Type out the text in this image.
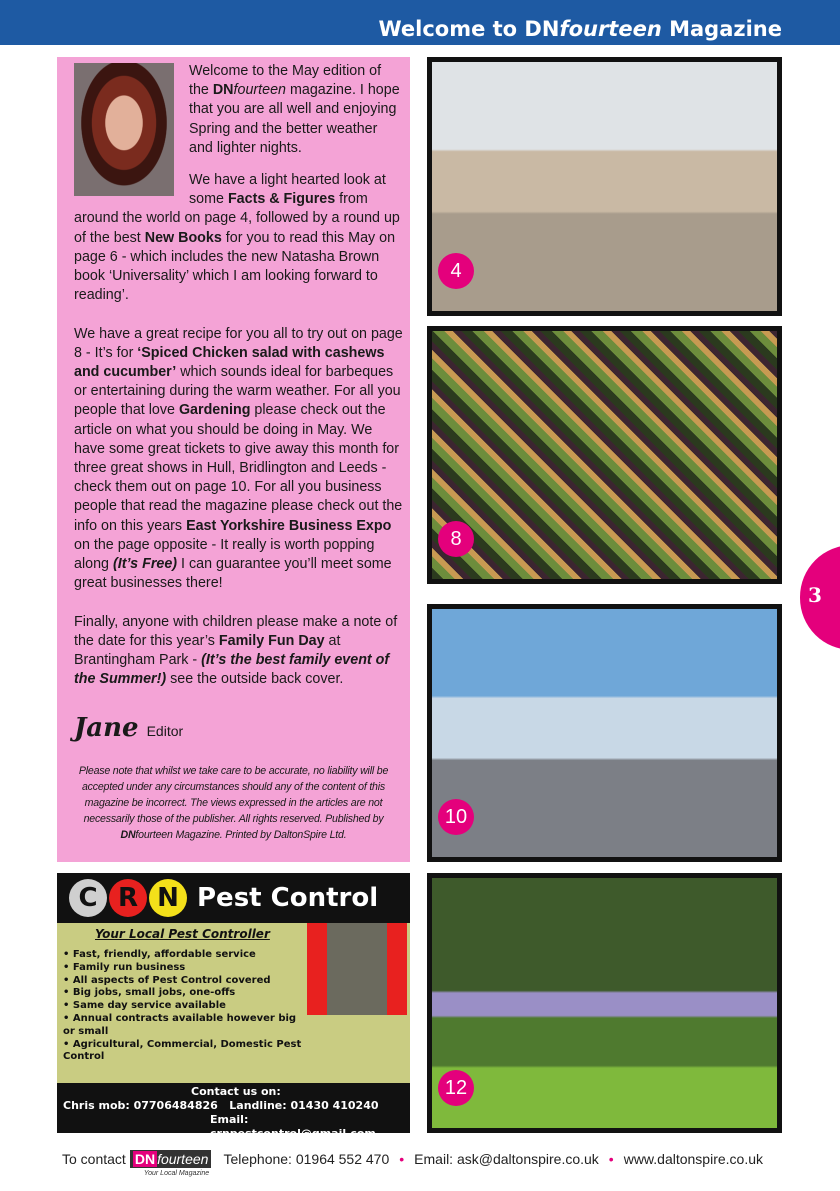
Welcome to DNfourteen Magazine
Welcome to the May edition of the DNfourteen magazine. I hope that you are all well and enjoying Spring and the better weather and lighter nights.
We have a light hearted look at some Facts & Figures from
around the world on page 4, followed by a round up of the best New Books for you to read this May on page 6 - which includes the new Natasha Brown book ‘Universality’ which I am looking forward to reading’.

We have a great recipe for you all to try out on page 8 - It’s for ‘Spiced Chicken salad with cashews and cucumber’ which sounds ideal for barbeques or entertaining during the warm weather. For all you people that love Gardening please check out the article on what you should be doing in May. We have some great tickets to give away this month for three great shows in Hull, Bridlington and Leeds - check them out on page 10. For all you business people that read the magazine please check out the info on this years East Yorkshire Business Expo on the page opposite - It really is worth popping along (It’s Free) I can guarantee you’ll meet some great businesses there!

Finally, anyone with children please make a note of the date for this year’s Family Fun Day at Brantingham Park - (It’s the best family event of the Summer!) see the outside back cover.
Jane Editor
Please note that whilst we take care to be accurate, no liability will be accepted under any circumstances should any of the content of this magazine be incorrect. The views expressed in the articles are not necessarily those of the publisher. All rights reserved. Published by DNfourteen Magazine. Printed by DaltonSpire Ltd.
4
8
10
12
3
C R N Pest Control
Your Local Pest Controller
• Fast, friendly, affordable service
• Family run business
• All aspects of Pest Control covered
• Big jobs, small jobs, one-offs
• Same day service available
• Annual contracts available however big or small
• Agricultural, Commercial, Domestic Pest Control
Contact us on:
Chris mob: 07706484826 Landline: 01430 410240
Email: crnpestcontrol@gmail.com
To contact DN fourteen
Your Local Magazine
Telephone: 01964 552 470 • Email: ask@daltonspire.co.uk • www.daltonspire.co.uk
